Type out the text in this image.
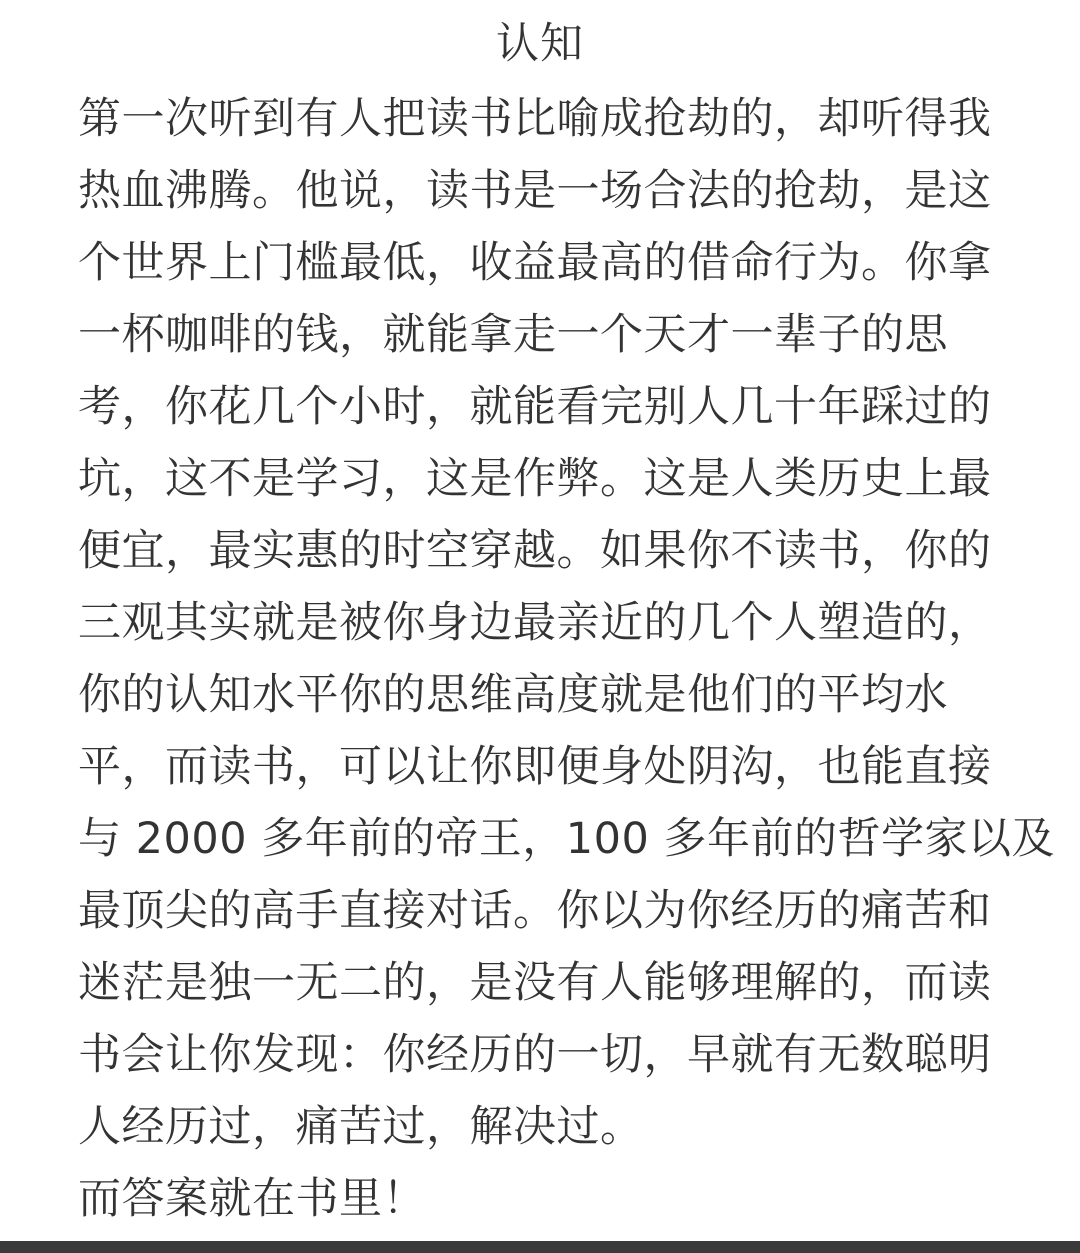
认知
第一次听到有人把读书比喻成抢劫的，却听得我
热血沸腾。他说，读书是一场合法的抢劫，是这
个世界上门槛最低，收益最高的借命行为。你拿
一杯咖啡的钱，就能拿走一个天才一辈子的思
考，你花几个小时，就能看完别人几十年踩过的
坑，这不是学习，这是作弊。这是人类历史上最
便宜，最实惠的时空穿越。如果你不读书，你的
三观其实就是被你身边最亲近的几个人塑造的，
你的认知水平你的思维高度就是他们的平均水
平，而读书，可以让你即便身处阴沟，也能直接
与 2000 多年前的帝王，100 多年前的哲学家以及
最顶尖的高手直接对话。你以为你经历的痛苦和
迷茫是独一无二的，是没有人能够理解的，而读
书会让你发现：你经历的一切，早就有无数聪明
人经历过，痛苦过，解决过。
而答案就在书里！
